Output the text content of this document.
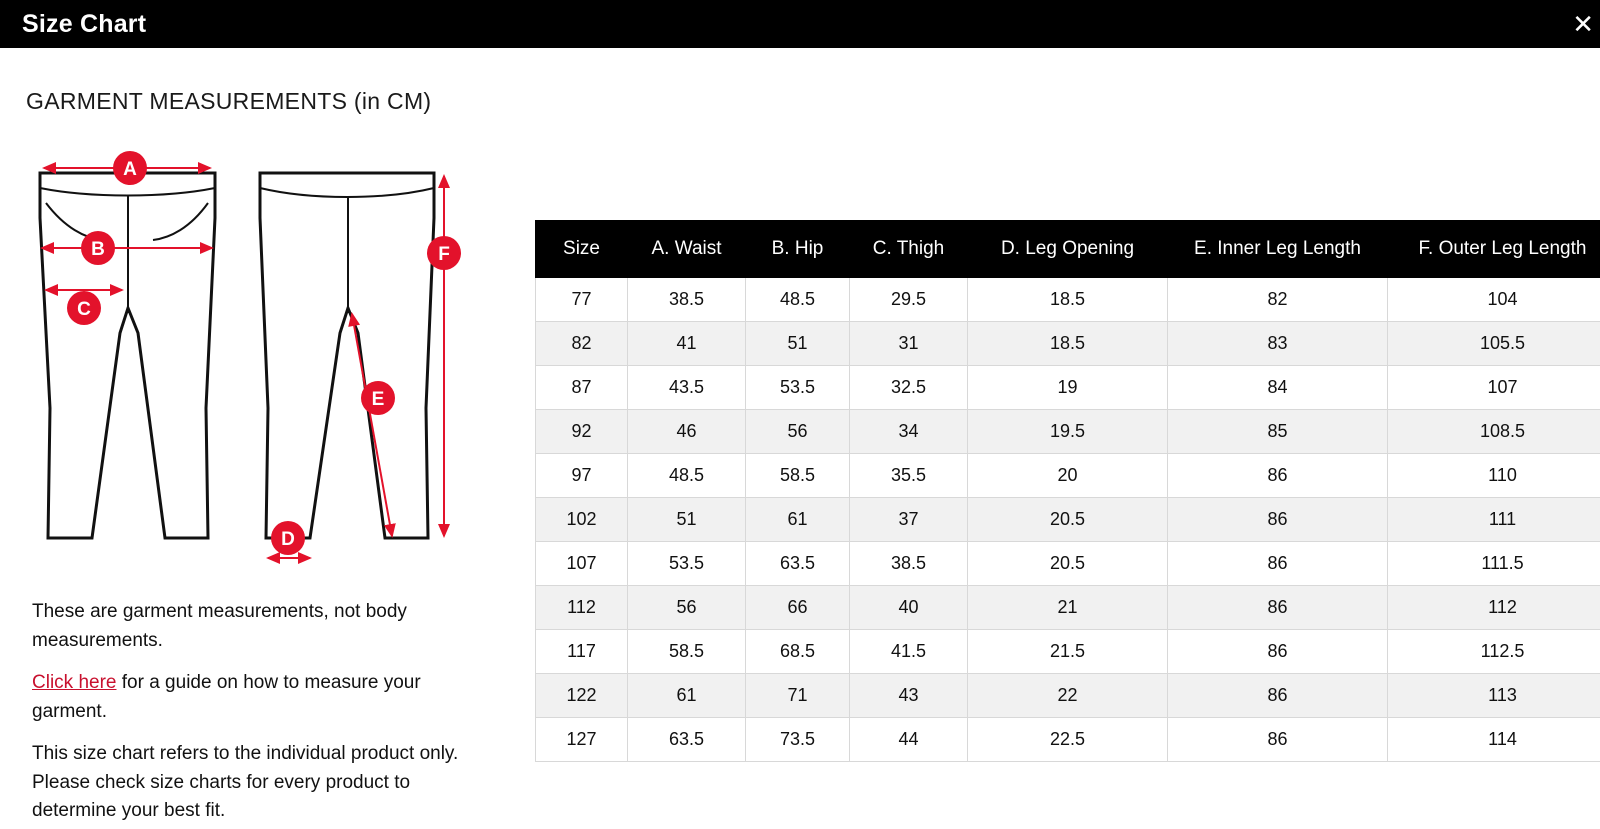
Size Chart	✕
GARMENT MEASUREMENTS (in CM)
A
B
C
D
E
F

These are garment measurements, not body measurements.

Click here for a guide on how to measure your garment.

This size chart refers to the individual product only. Please check size charts for every product to determine your best fit.

Size	A. Waist	B. Hip	C. Thigh	D. Leg Opening	E. Inner Leg Length	F. Outer Leg Length
77	38.5	48.5	29.5	18.5	82	104
82	41	51	31	18.5	83	105.5
87	43.5	53.5	32.5	19	84	107
92	46	56	34	19.5	85	108.5
97	48.5	58.5	35.5	20	86	110
102	51	61	37	20.5	86	111
107	53.5	63.5	38.5	20.5	86	111.5
112	56	66	40	21	86	112
117	58.5	68.5	41.5	21.5	86	112.5
122	61	71	43	22	86	113
127	63.5	73.5	44	22.5	86	114
